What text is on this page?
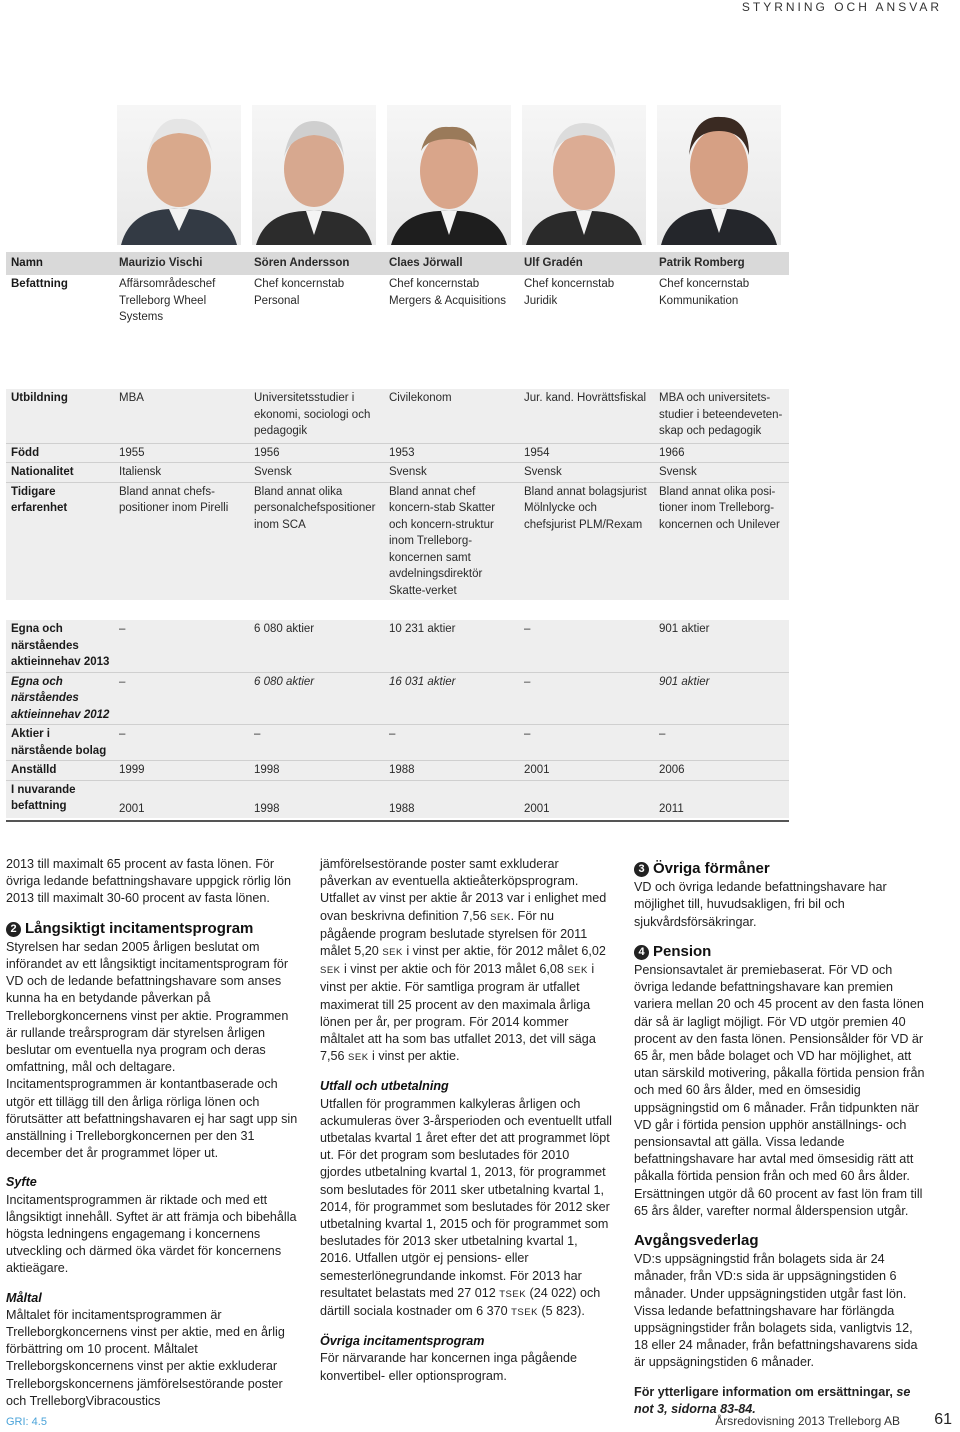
STYRNING OCH ANSVAR
Namn	Maurizio Vischi	Sören Andersson	Claes Jörwall	Ulf Gradén	Patrik Romberg
Befattning	Affärsområdeschef Trelleborg Wheel Systems	Chef koncernstab Personal	Chef koncernstab Mergers & Acquisitions	Chef koncernstab Juridik	Chef koncernstab Kommunikation
Utbildning	MBA	Universitetsstudier i ekonomi, sociologi och pedagogik	Civilekonom	Jur. kand. Hovrättsfiskal	MBA och universitets-studier i beteendeveten-skap och pedagogik
Född	1955	1956	1953	1954	1966
Nationalitet	Italiensk	Svensk	Svensk	Svensk	Svensk
Tidigare erfarenhet	Bland annat chefs-positioner inom Pirelli	Bland annat olika personalchefspositioner inom SCA	Bland annat chef koncern-stab Skatter och koncern-struktur inom Trelleborg-koncernen samt avdelningsdirektör Skatte-verket	Bland annat bolagsjurist Mölnlycke och chefsjurist PLM/Rexam	Bland annat olika posi-tioner inom Trelleborg-koncernen och Unilever

Egna och närståendes aktieinnehav 2013	–	6 080 aktier	10 231 aktier	–	901 aktier
Egna och närståendes aktieinnehav 2012	–	6 080 aktier	16 031 aktier	–	901 aktier
Aktier i närstående bolag	–	–	–	–	–
Anställd	1999	1998	1988	2001	2006
I nuvarande befattning	2001	1998	1988	2001	2011

2013 till maximalt 65 procent av fasta lönen. För övriga ledande befattningshavare uppgick rörlig lön 2013 till maximalt 30-60 procent av fasta lönen.

2 Långsiktigt incitamentsprogram

Styrelsen har sedan 2005 årligen beslutat om införandet av ett långsiktigt incitamentsprogram för VD och de ledande befattningshavare som anses kunna ha en betydande påverkan på Trelleborgkoncernens vinst per aktie. Programmen är rullande treårsprogram där styrelsen årligen beslutar om eventuella nya program och deras omfattning, mål och deltagare. Incitamentsprogrammen är kontantbaserade och utgör ett tillägg till den årliga rörliga lönen och förutsätter att befattningshavaren ej har sagt upp sin anställning i Trelleborgkoncernen per den 31 december det år programmet löper ut.

Syfte

Incitamentsprogrammen är riktade och med ett långsiktigt innehåll. Syftet är att främja och bibehålla högsta ledningens engagemang i koncernens utveckling och därmed öka värdet för koncernens aktieägare.

Måltal

Måltalet för incitamentsprogrammen är Trelleborgkoncernens vinst per aktie, med en årlig förbättring om 10 procent. Måltalet Trelleborgskoncernens vinst per aktie exkluderar Trelleborgskoncernens jämförelsestörande poster och TrelleborgVibracoustics

jämförelsestörande poster samt exkluderar påverkan av eventuella aktieåterköpsprogram. Utfallet av vinst per aktie år 2013 var i enlighet med ovan beskrivna definition 7,56 SEK. För nu pågående program beslutade styrelsen för 2011 målet 5,20 SEK i vinst per aktie, för 2012 målet 6,02 SEK i vinst per aktie och för 2013 målet 6,08 SEK i vinst per aktie. För samtliga program är utfallet maximerat till 25 procent av den maximala årliga lönen per år, per program. För 2014 kommer måltalet att ha som bas utfallet 2013, det vill säga 7,56 SEK i vinst per aktie.

Utfall och utbetalning

Utfallen för programmen kalkyleras årligen och ackumuleras över 3-årsperioden och eventuellt utfall utbetalas kvartal 1 året efter det att programmet löpt ut. För det program som beslutades för 2010 gjordes utbetalning kvartal 1, 2013, för programmet som beslutades för 2011 sker utbetalning kvartal 1, 2014, för programmet som beslutades för 2012 sker utbetalning kvartal 1, 2015 och för programmet som beslutades för 2013 sker utbetalning kvartal 1, 2016. Utfallen utgör ej pensions- eller semesterlönegrundande inkomst. För 2013 har resultatet belastats med 27 012 TSEK (24 022) och därtill sociala kostnader om 6 370 TSEK (5 823).

Övriga incitamentsprogram

För närvarande har koncernen inga pågående konvertibel- eller optionsprogram.

3 Övriga förmåner

VD och övriga ledande befattningshavare har möjlighet till, huvudsakligen, fri bil och sjukvårdsförsäkringar.

4 Pension

Pensionsavtalet är premiebaserat. För VD och övriga ledande befattningshavare kan premien variera mellan 20 och 45 procent av den fasta lönen där så är lagligt möjligt. För VD utgör premien 40 procent av den fasta lönen. Pensionsålder för VD är 65 år, men både bolaget och VD har möjlighet, att utan särskild motivering, påkalla förtida pension från och med 60 års ålder, med en ömsesidig uppsägningstid om 6 månader. Från tidpunkten när VD går i förtida pension upphör anställnings- och pensionsavtal att gälla. Vissa ledande befattningshavare har avtal med ömsesidig rätt att påkalla förtida pension från och med 60 års ålder. Ersättningen utgör då 60 procent av fast lön fram till 65 års ålder, varefter normal ålderspension utgår.

Avgångsvederlag

VD:s uppsägningstid från bolagets sida är 24 månader, från VD:s sida är uppsägningstiden 6 månader. Under uppsägningstiden utgår fast lön. Vissa ledande befattningshavare har förlängda uppsägningstider från bolagets sida, vanligtvis 12, 18 eller 24 månader, från befattningshavarens sida är uppsägningstiden 6 månader.

För ytterligare information om ersättningar, se not 3, sidorna 83-84.

GRI: 4.5	Årsredovisning 2013 Trelleborg AB 61
